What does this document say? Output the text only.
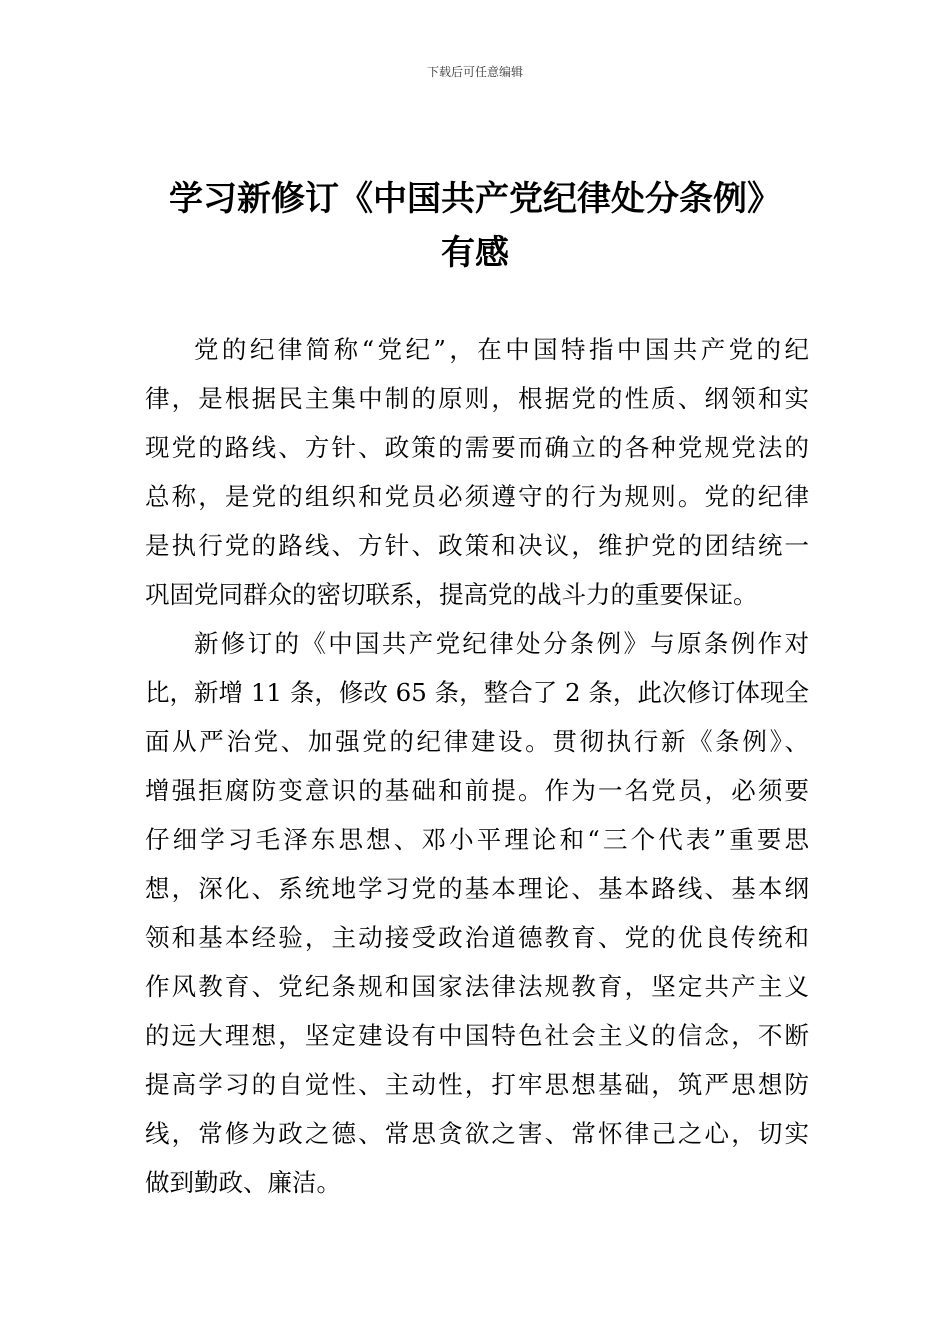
下载后可任意编辑
学习新修订《中国共产党纪律处分条例》
有感
党的纪律简称“党纪”，在中国特指中国共产党的纪
律，是根据民主集中制的原则，根据党的性质、纲领和实
现党的路线、方针、政策的需要而确立的各种党规党法的
总称，是党的组织和党员必须遵守的行为规则。党的纪律
是执行党的路线、方针、政策和决议，维护党的团结统一
巩固党同群众的密切联系，提高党的战斗力的重要保证。
新修订的《中国共产党纪律处分条例》与原条例作对
比，新增 11 条，修改 65 条，整合了 2 条，此次修订体现全
面从严治党、加强党的纪律建设。贯彻执行新《条例》、
增强拒腐防变意识的基础和前提。作为一名党员，必须要
仔细学习毛泽东思想、邓小平理论和“三个代表”重要思
想，深化、系统地学习党的基本理论、基本路线、基本纲
领和基本经验，主动接受政治道德教育、党的优良传统和
作风教育、党纪条规和国家法律法规教育，坚定共产主义
的远大理想，坚定建设有中国特色社会主义的信念，不断
提高学习的自觉性、主动性，打牢思想基础，筑严思想防
线，常修为政之德、常思贪欲之害、常怀律己之心，切实
做到勤政、廉洁。
